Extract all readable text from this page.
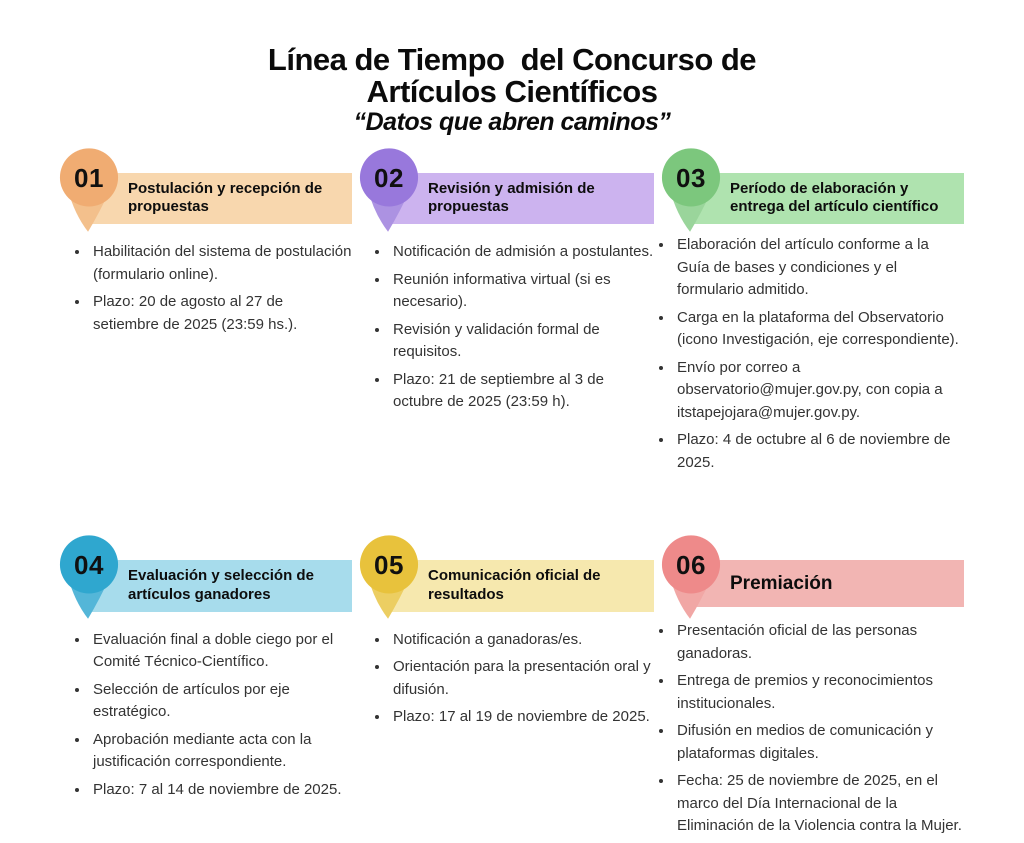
Línea de Tiempo  del Concurso de
Artículos Científicos
“Datos que abren caminos”
01	Postulación y recepción de propuestas
• Habilitación del sistema de postulación (formulario online).
• Plazo: 20 de agosto al 27 de setiembre de 2025 (23:59 hs.).
02	Revisión y admisión de propuestas
• Notificación de admisión a postulantes.
• Reunión informativa virtual (si es necesario).
• Revisión y validación formal de requisitos.
• Plazo: 21 de septiembre al 3 de octubre de 2025 (23:59 h).
03	Período de elaboración y entrega del artículo científico
• Elaboración del artículo conforme a la Guía de bases y condiciones y el formulario admitido.
• Carga en la plataforma del Observatorio (icono Investigación, eje correspondiente).
• Envío por correo a observatorio@mujer.gov.py, con copia a itstapejojara@mujer.gov.py.
• Plazo: 4 de octubre al 6 de noviembre de 2025.
04	Evaluación y selección de artículos ganadores
• Evaluación final a doble ciego por el Comité Técnico-Científico.
• Selección de artículos por eje estratégico.
• Aprobación mediante acta con la justificación correspondiente.
• Plazo: 7 al 14 de noviembre de 2025.
05	Comunicación oficial de resultados
• Notificación a ganadoras/es.
• Orientación para la presentación oral y difusión.
• Plazo: 17 al 19 de noviembre de 2025.
06
Premiación
• Presentación oficial de las personas ganadoras.
• Entrega de premios y reconocimientos institucionales.
• Difusión en medios de comunicación y plataformas digitales.
• Fecha: 25 de noviembre de 2025, en el marco del Día Internacional de la Eliminación de la Violencia contra la Mujer.
